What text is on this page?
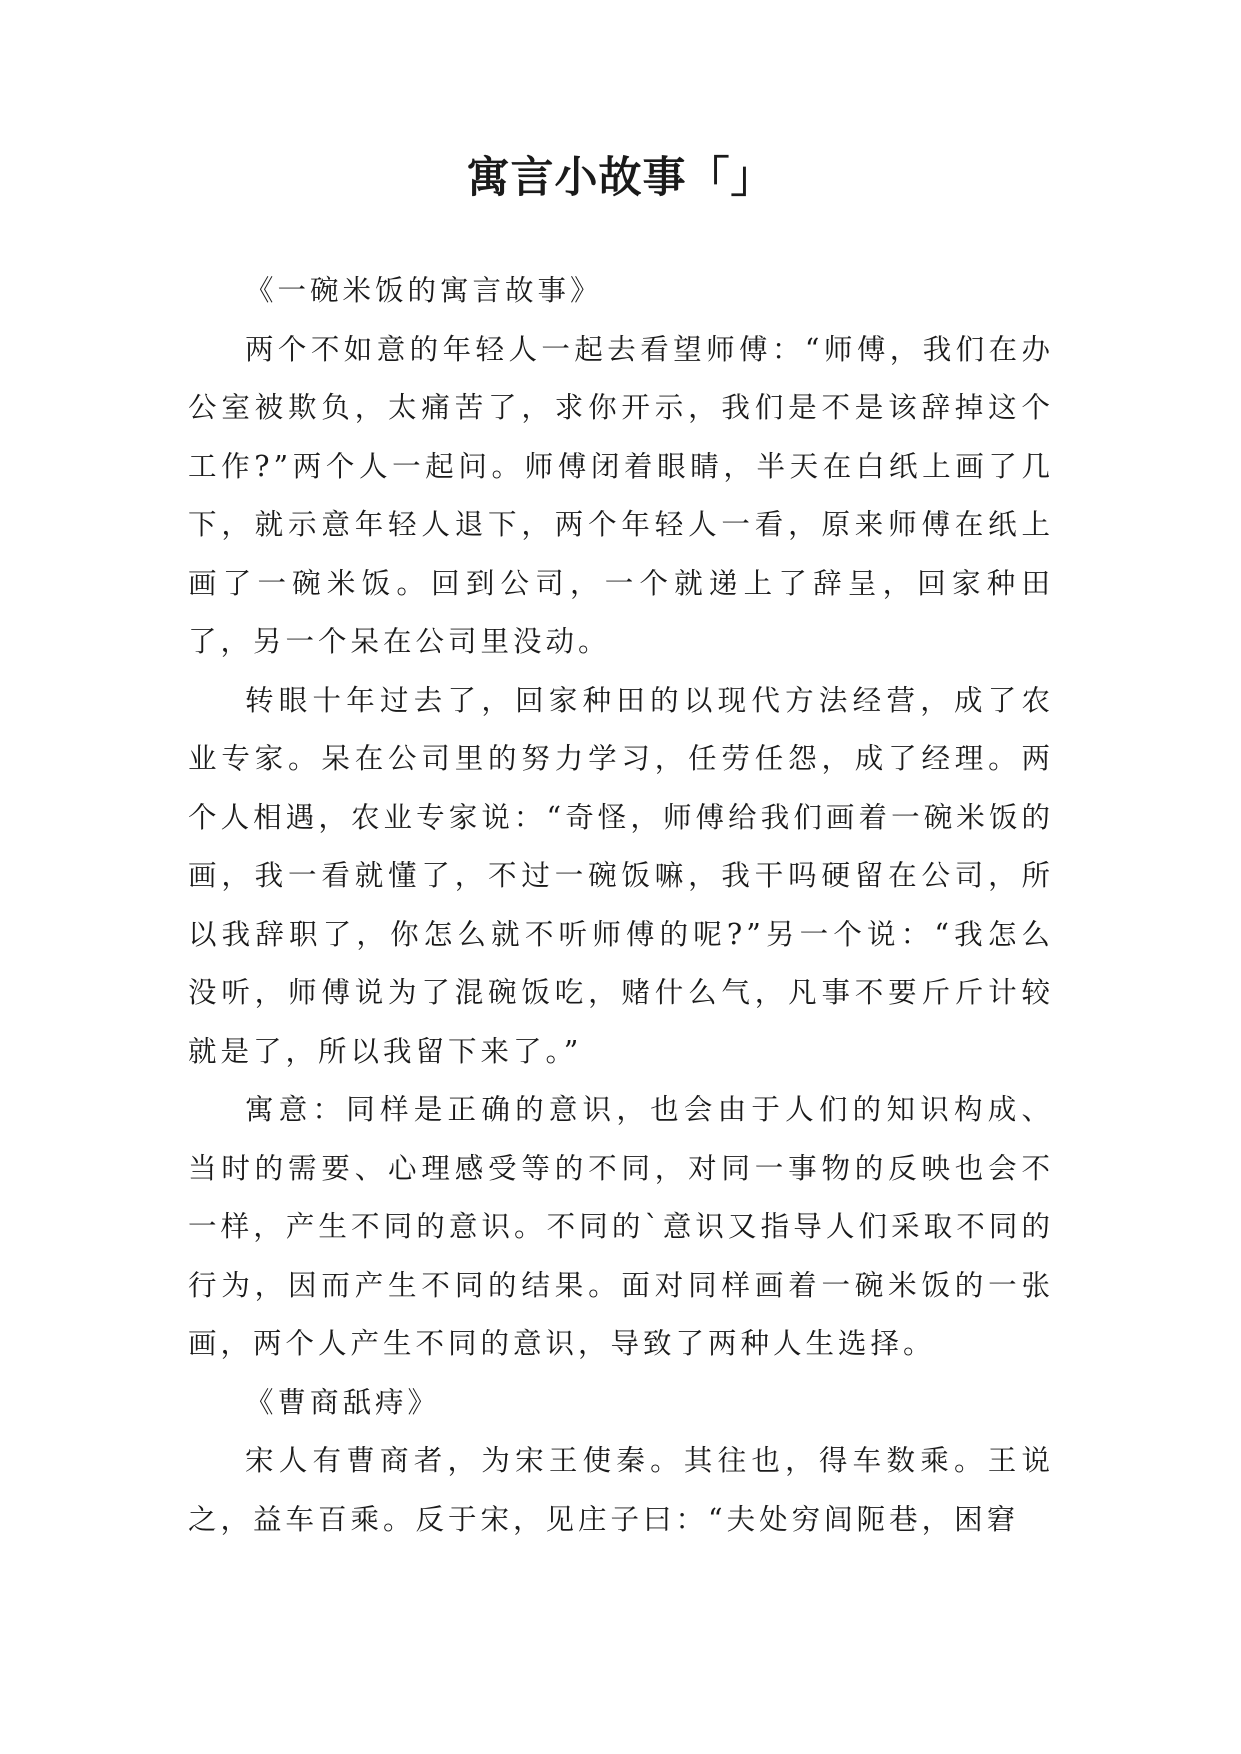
寓言小故事「」

《一碗米饭的寓言故事》

两个不如意的年轻人一起去看望师傅：“师傅，我们在办公室被欺负，太痛苦了，求你开示，我们是不是该辞掉这个工作?”两个人一起问。师傅闭着眼睛，半天在白纸上画了几下，就示意年轻人退下，两个年轻人一看，原来师傅在纸上画了一碗米饭。回到公司，一个就递上了辞呈，回家种田了，另一个呆在公司里没动。

转眼十年过去了，回家种田的以现代方法经营，成了农业专家。呆在公司里的努力学习，任劳任怨，成了经理。两个人相遇，农业专家说：“奇怪，师傅给我们画着一碗米饭的画，我一看就懂了，不过一碗饭嘛，我干吗硬留在公司，所以我辞职了，你怎么就不听师傅的呢?”另一个说：“我怎么没听，师傅说为了混碗饭吃，赌什么气，凡事不要斤斤计较就是了，所以我留下来了。”

寓意：同样是正确的意识，也会由于人们的知识构成、当时的需要、心理感受等的不同，对同一事物的反映也会不一样，产生不同的意识。不同的`意识又指导人们采取不同的行为，因而产生不同的结果。面对同样画着一碗米饭的一张画，两个人产生不同的意识，导致了两种人生选择。

《曹商舐痔》

宋人有曹商者，为宋王使秦。其往也，得车数乘。王说之，益车百乘。反于宋，见庄子曰：“夫处穷闾阨巷，困窘
